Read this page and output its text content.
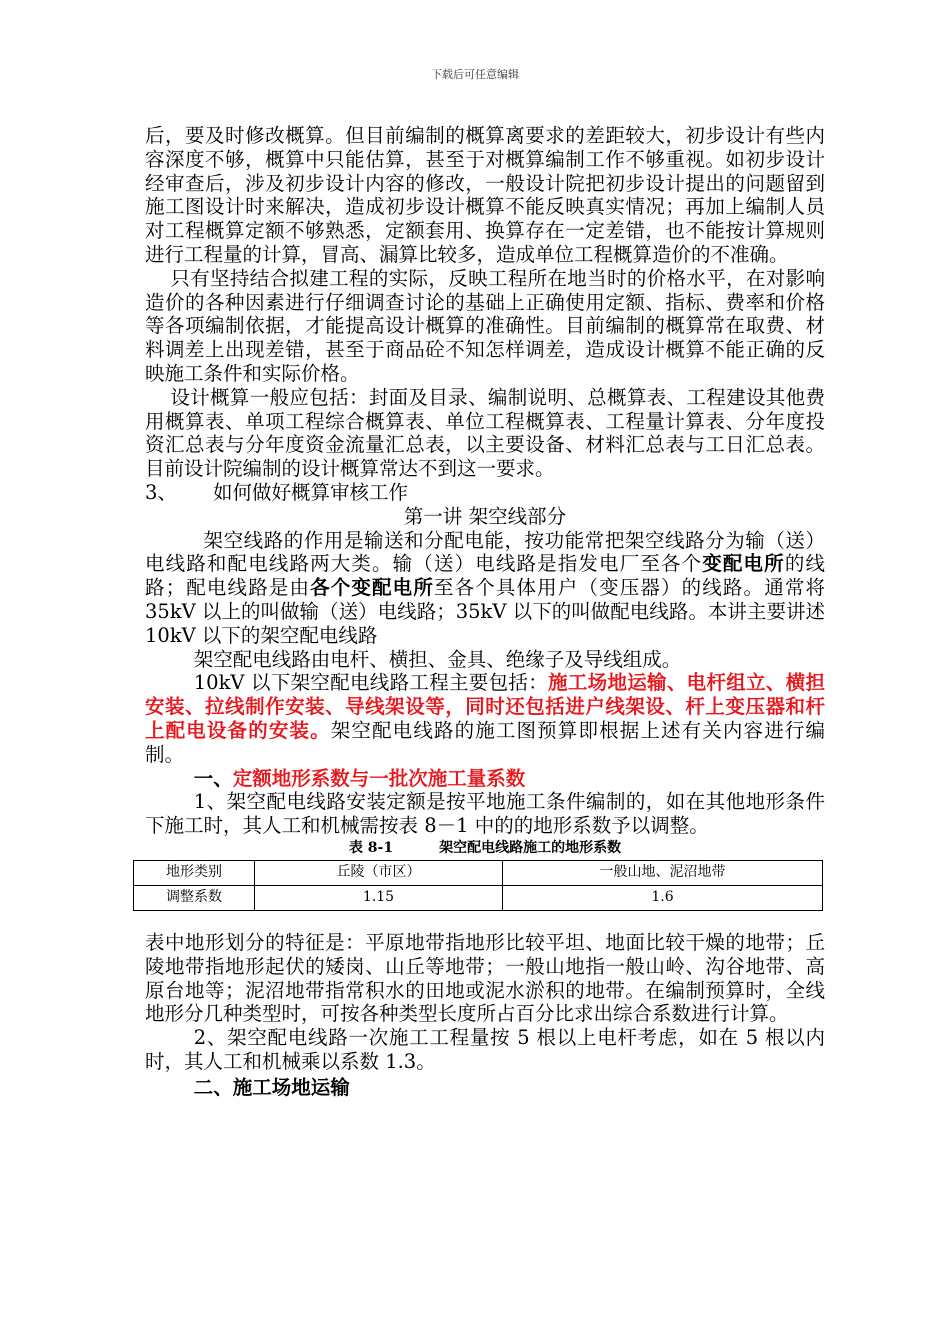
下载后可任意编辑

后，要及时修改概算。但目前编制的概算离要求的差距较大，初步设计有些内容深度不够，概算中只能估算，甚至于对概算编制工作不够重视。如初步设计经审查后，涉及初步设计内容的修改，一般设计院把初步设计提出的问题留到施工图设计时来解决，造成初步设计概算不能反映真实情况；再加上编制人员对工程概算定额不够熟悉，定额套用、换算存在一定差错，也不能按计算规则进行工程量的计算，冒高、漏算比较多，造成单位工程概算造价的不准确。

只有坚持结合拟建工程的实际，反映工程所在地当时的价格水平，在对影响造价的各种因素进行仔细调查讨论的基础上正确使用定额、指标、费率和价格等各项编制依据，才能提高设计概算的准确性。目前编制的概算常在取费、材料调差上出现差错，甚至于商品砼不知怎样调差，造成设计概算不能正确的反映施工条件和实际价格。

设计概算一般应包括：封面及目录、编制说明、总概算表、工程建设其他费用概算表、单项工程综合概算表、单位工程概算表、工程量计算表、分年度投资汇总表与分年度资金流量汇总表，以主要设备、材料汇总表与工日汇总表。目前设计院编制的设计概算常达不到这一要求。

3、 如何做好概算审核工作

第一讲 架空线部分

架空线路的作用是输送和分配电能，按功能常把架空线路分为输（送）电线路和配电线路两大类。输（送）电线路是指发电厂至各个变配电所的线路；配电线路是由各个变配电所至各个具体用户（变压器）的线路。通常将 35kV 以上的叫做输（送）电线路；35kV 以下的叫做配电线路。本讲主要讲述 10kV 以下的架空配电线路

架空配电线路由电杆、横担、金具、绝缘子及导线组成。

10kV 以下架空配电线路工程主要包括：施工场地运输、电杆组立、横担安装、拉线制作安装、导线架设等，同时还包括进户线架设、杆上变压器和杆上配电设备的安装。架空配电线路的施工图预算即根据上述有关内容进行编制。

一、定额地形系数与一批次施工量系数

1、架空配电线路安装定额是按平地施工条件编制的，如在其他地形条件下施工时，其人工和机械需按表 8－1 中的的地形系数予以调整。

表 8-1	架空配电线路施工的地形系数
地形类别	丘陵（市区）	一般山地、泥沼地带
调整系数	1.15	1.6

表中地形划分的特征是：平原地带指地形比较平坦、地面比较干燥的地带；丘陵地带指地形起伏的矮岗、山丘等地带；一般山地指一般山岭、沟谷地带、高原台地等；泥沼地带指常积水的田地或泥水淤积的地带。在编制预算时，全线地形分几种类型时，可按各种类型长度所占百分比求出综合系数进行计算。

2、架空配电线路一次施工工程量按 5 根以上电杆考虑，如在 5 根以内时，其人工和机械乘以系数 1.3。

二、施工场地运输
